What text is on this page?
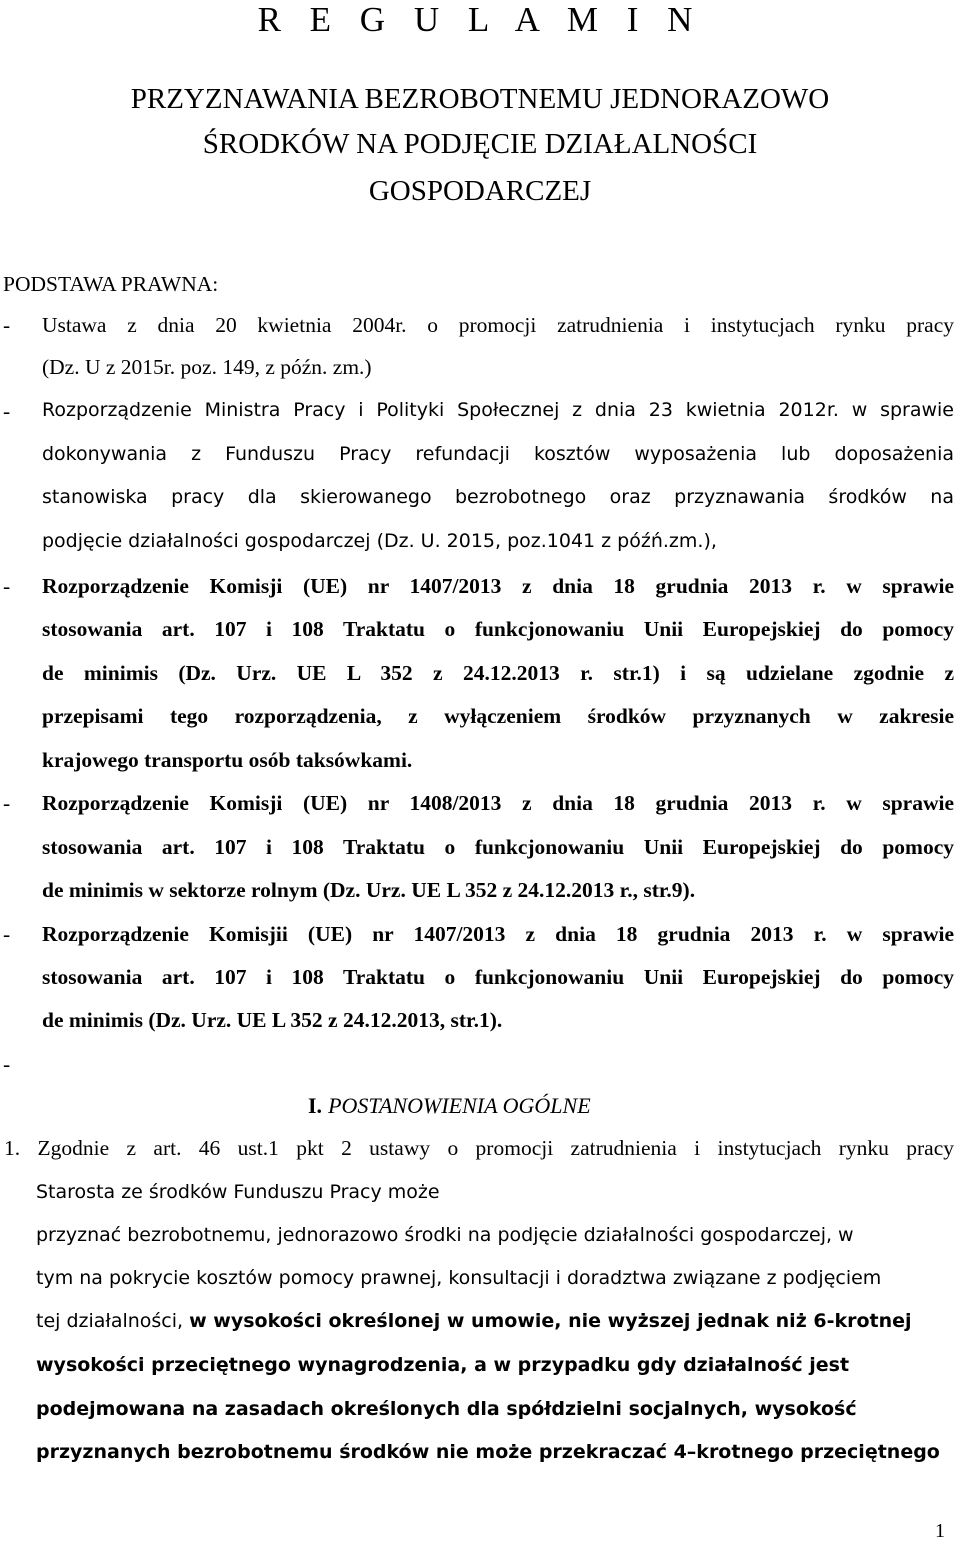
R E G U L A M I N
PRZYZNAWANIA BEZROBOTNEMU JEDNORAZOWO
ŚRODKÓW NA PODJĘCIE DZIAŁALNOŚCI
GOSPODARCZEJ
PODSTAWA PRAWNA:
- Ustawa z dnia 20 kwietnia 2004r. o promocji zatrudnienia i instytucjach rynku pracy
(Dz. U z 2015r. poz. 149, z późn. zm.)
- Rozporządzenie Ministra Pracy i Polityki Społecznej z dnia 23 kwietnia 2012r. w sprawie
dokonywania z Funduszu Pracy refundacji kosztów wyposażenia lub doposażenia
stanowiska pracy dla skierowanego bezrobotnego oraz przyznawania środków na
podjęcie działalności gospodarczej (Dz. U. 2015, poz.1041 z późń.zm.),
- Rozporządzenie Komisji (UE) nr 1407/2013 z dnia 18 grudnia 2013 r. w sprawie
stosowania art. 107 i 108 Traktatu o funkcjonowaniu Unii Europejskiej do pomocy
de minimis (Dz. Urz. UE L 352 z 24.12.2013 r. str.1) i są udzielane zgodnie z
przepisami tego rozporządzenia, z wyłączeniem środków przyznanych w zakresie
krajowego transportu osób taksówkami.
- Rozporządzenie Komisji (UE) nr 1408/2013 z dnia 18 grudnia 2013 r. w sprawie
stosowania art. 107 i 108 Traktatu o funkcjonowaniu Unii Europejskiej do pomocy
de minimis w sektorze rolnym (Dz. Urz. UE L 352 z 24.12.2013 r., str.9).
- Rozporządzenie Komisjii (UE) nr 1407/2013 z dnia 18 grudnia 2013 r. w sprawie
stosowania art. 107 i 108 Traktatu o funkcjonowaniu Unii Europejskiej do pomocy
de minimis (Dz. Urz. UE L 352 z 24.12.2013, str.1).
-
I. POSTANOWIENIA OGÓLNE
1. Zgodnie z art. 46 ust.1 pkt 2 ustawy o promocji zatrudnienia i instytucjach rynku pracy
Starosta ze środków Funduszu Pracy może
przyznać bezrobotnemu, jednorazowo środki na podjęcie działalności gospodarczej, w
tym na pokrycie kosztów pomocy prawnej, konsultacji i doradztwa związane z podjęciem
tej działalności, w wysokości określonej w umowie, nie wyższej jednak niż 6-krotnej
wysokości przeciętnego wynagrodzenia, a w przypadku gdy działalność jest
podejmowana na zasadach określonych dla spółdzielni socjalnych, wysokość
przyznanych bezrobotnemu środków nie może przekraczać 4–krotnego przeciętnego
1
